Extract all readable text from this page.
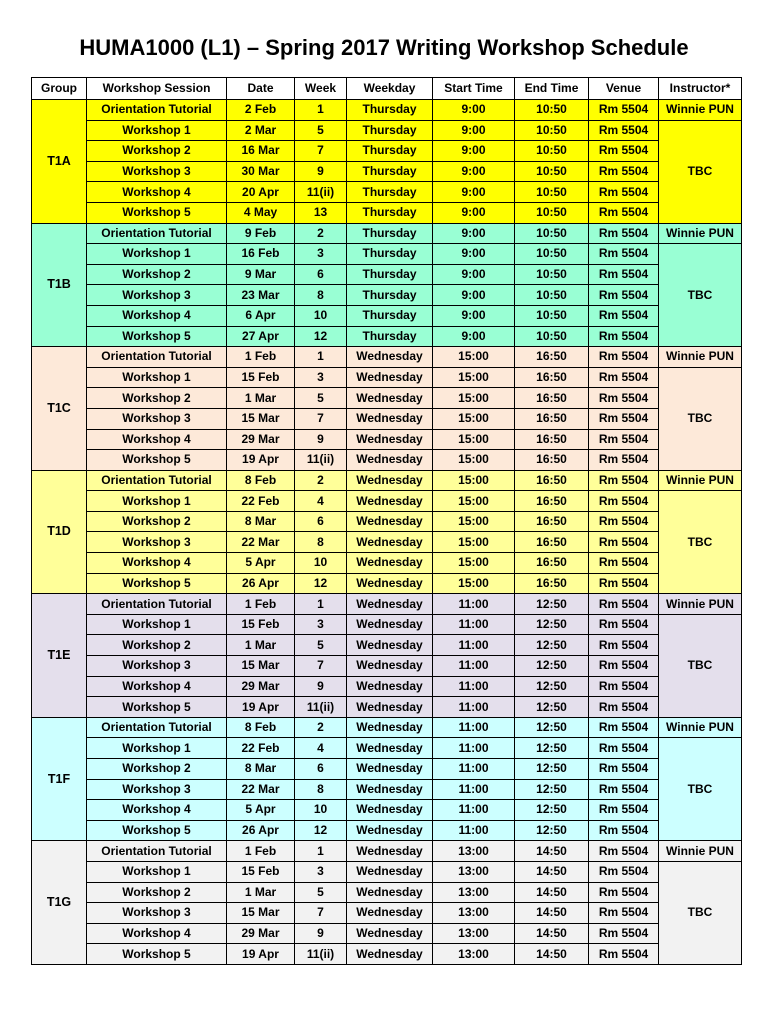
HUMA1000 (L1) – Spring 2017 Writing Workshop Schedule
Group	Workshop Session	Date	Week	Weekday	Start Time	End Time	Venue	Instructor*
T1A	Orientation Tutorial	2 Feb	1	Thursday	9:00	10:50	Rm 5504	Winnie PUN
	Workshop 1	2 Mar	5	Thursday	9:00	10:50	Rm 5504	TBC
	Workshop 2	16 Mar	7	Thursday	9:00	10:50	Rm 5504	
	Workshop 3	30 Mar	9	Thursday	9:00	10:50	Rm 5504	
	Workshop 4	20 Apr	11(ii)	Thursday	9:00	10:50	Rm 5504	
	Workshop 5	4 May	13	Thursday	9:00	10:50	Rm 5504	
T1B	Orientation Tutorial	9 Feb	2	Thursday	9:00	10:50	Rm 5504	Winnie PUN
	Workshop 1	16 Feb	3	Thursday	9:00	10:50	Rm 5504	TBC
	Workshop 2	9 Mar	6	Thursday	9:00	10:50	Rm 5504	
	Workshop 3	23 Mar	8	Thursday	9:00	10:50	Rm 5504	
	Workshop 4	6 Apr	10	Thursday	9:00	10:50	Rm 5504	
	Workshop 5	27 Apr	12	Thursday	9:00	10:50	Rm 5504	
T1C	Orientation Tutorial	1 Feb	1	Wednesday	15:00	16:50	Rm 5504	Winnie PUN
	Workshop 1	15 Feb	3	Wednesday	15:00	16:50	Rm 5504	TBC
	Workshop 2	1 Mar	5	Wednesday	15:00	16:50	Rm 5504	
	Workshop 3	15 Mar	7	Wednesday	15:00	16:50	Rm 5504	
	Workshop 4	29 Mar	9	Wednesday	15:00	16:50	Rm 5504	
	Workshop 5	19 Apr	11(ii)	Wednesday	15:00	16:50	Rm 5504	
T1D	Orientation Tutorial	8 Feb	2	Wednesday	15:00	16:50	Rm 5504	Winnie PUN
	Workshop 1	22 Feb	4	Wednesday	15:00	16:50	Rm 5504	TBC
	Workshop 2	8 Mar	6	Wednesday	15:00	16:50	Rm 5504	
	Workshop 3	22 Mar	8	Wednesday	15:00	16:50	Rm 5504	
	Workshop 4	5 Apr	10	Wednesday	15:00	16:50	Rm 5504	
	Workshop 5	26 Apr	12	Wednesday	15:00	16:50	Rm 5504	
T1E	Orientation Tutorial	1 Feb	1	Wednesday	11:00	12:50	Rm 5504	Winnie PUN
	Workshop 1	15 Feb	3	Wednesday	11:00	12:50	Rm 5504	TBC
	Workshop 2	1 Mar	5	Wednesday	11:00	12:50	Rm 5504	
	Workshop 3	15 Mar	7	Wednesday	11:00	12:50	Rm 5504	
	Workshop 4	29 Mar	9	Wednesday	11:00	12:50	Rm 5504	
	Workshop 5	19 Apr	11(ii)	Wednesday	11:00	12:50	Rm 5504	
T1F	Orientation Tutorial	8 Feb	2	Wednesday	11:00	12:50	Rm 5504	Winnie PUN
	Workshop 1	22 Feb	4	Wednesday	11:00	12:50	Rm 5504	TBC
	Workshop 2	8 Mar	6	Wednesday	11:00	12:50	Rm 5504	
	Workshop 3	22 Mar	8	Wednesday	11:00	12:50	Rm 5504	
	Workshop 4	5 Apr	10	Wednesday	11:00	12:50	Rm 5504	
	Workshop 5	26 Apr	12	Wednesday	11:00	12:50	Rm 5504	
T1G	Orientation Tutorial	1 Feb	1	Wednesday	13:00	14:50	Rm 5504	Winnie PUN
	Workshop 1	15 Feb	3	Wednesday	13:00	14:50	Rm 5504	TBC
	Workshop 2	1 Mar	5	Wednesday	13:00	14:50	Rm 5504	
	Workshop 3	15 Mar	7	Wednesday	13:00	14:50	Rm 5504	
	Workshop 4	29 Mar	9	Wednesday	13:00	14:50	Rm 5504	
	Workshop 5	19 Apr	11(ii)	Wednesday	13:00	14:50	Rm 5504	
